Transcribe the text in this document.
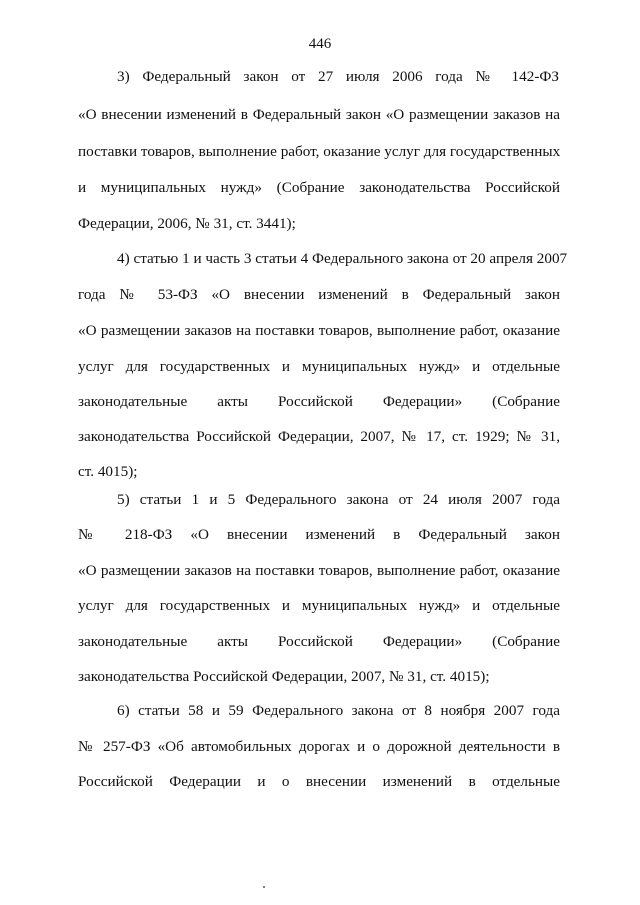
446
3) Федеральный закон от 27 июля 2006 года № 142-ФЗ
«О внесении изменений в Федеральный закон «О размещении заказов на
поставки товаров, выполнение работ, оказание услуг для государственных
и муниципальных нужд» (Собрание законодательства Российской
Федерации, 2006, № 31, ст. 3441);
4) статью 1 и часть 3 статьи 4 Федерального закона от 20 апреля 2007
года № 53-ФЗ «О внесении изменений в Федеральный закон
«О размещении заказов на поставки товаров, выполнение работ, оказание
услуг для государственных и муниципальных нужд» и отдельные
законодательные акты Российской Федерации» (Собрание
законодательства Российской Федерации, 2007, № 17, ст. 1929; № 31,
ст. 4015);
5) статьи 1 и 5 Федерального закона от 24 июля 2007 года
№ 218-ФЗ «О внесении изменений в Федеральный закон
«О размещении заказов на поставки товаров, выполнение работ, оказание
услуг для государственных и муниципальных нужд» и отдельные
законодательные акты Российской Федерации» (Собрание
законодательства Российской Федерации, 2007, № 31, ст. 4015);
6) статьи 58 и 59 Федерального закона от 8 ноября 2007 года
№ 257-ФЗ «Об автомобильных дорогах и о дорожной деятельности в
Российской Федерации и о внесении изменений в отдельные
